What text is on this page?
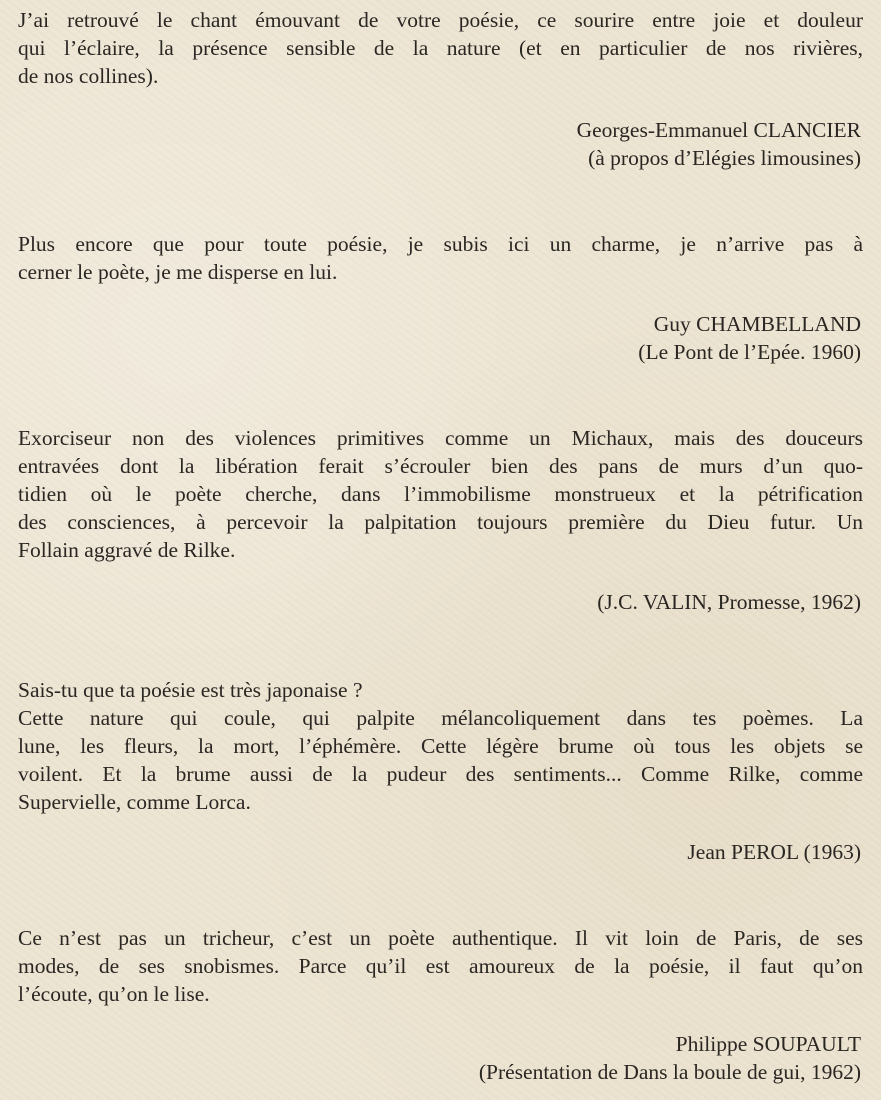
J’ai retrouvé le chant émouvant de votre poésie, ce sourire entre joie et douleur
qui l’éclaire, la présence sensible de la nature (et en particulier de nos rivières,
de nos collines).

Georges-Emmanuel CLANCIER
(à propos d’Elégies limousines)

Plus encore que pour toute poésie, je subis ici un charme, je n’arrive pas à
cerner le poète, je me disperse en lui.

Guy CHAMBELLAND
(Le Pont de l’Epée. 1960)

Exorciseur non des violences primitives comme un Michaux, mais des douceurs
entravées dont la libération ferait s’écrouler bien des pans de murs d’un quo-
tidien où le poète cherche, dans l’immobilisme monstrueux et la pétrification
des consciences, à percevoir la palpitation toujours première du Dieu futur. Un
Follain aggravé de Rilke.

(J.C. VALIN, Promesse, 1962)

Sais-tu que ta poésie est très japonaise ?
Cette nature qui coule, qui palpite mélancoliquement dans tes poèmes. La
lune, les fleurs, la mort, l’éphémère. Cette légère brume où tous les objets se
voilent. Et la brume aussi de la pudeur des sentiments... Comme Rilke, comme
Supervielle, comme Lorca.

Jean PEROL (1963)

Ce n’est pas un tricheur, c’est un poète authentique. Il vit loin de Paris, de ses
modes, de ses snobismes. Parce qu’il est amoureux de la poésie, il faut qu’on
l’écoute, qu’on le lise.

Philippe SOUPAULT
(Présentation de Dans la boule de gui, 1962)
